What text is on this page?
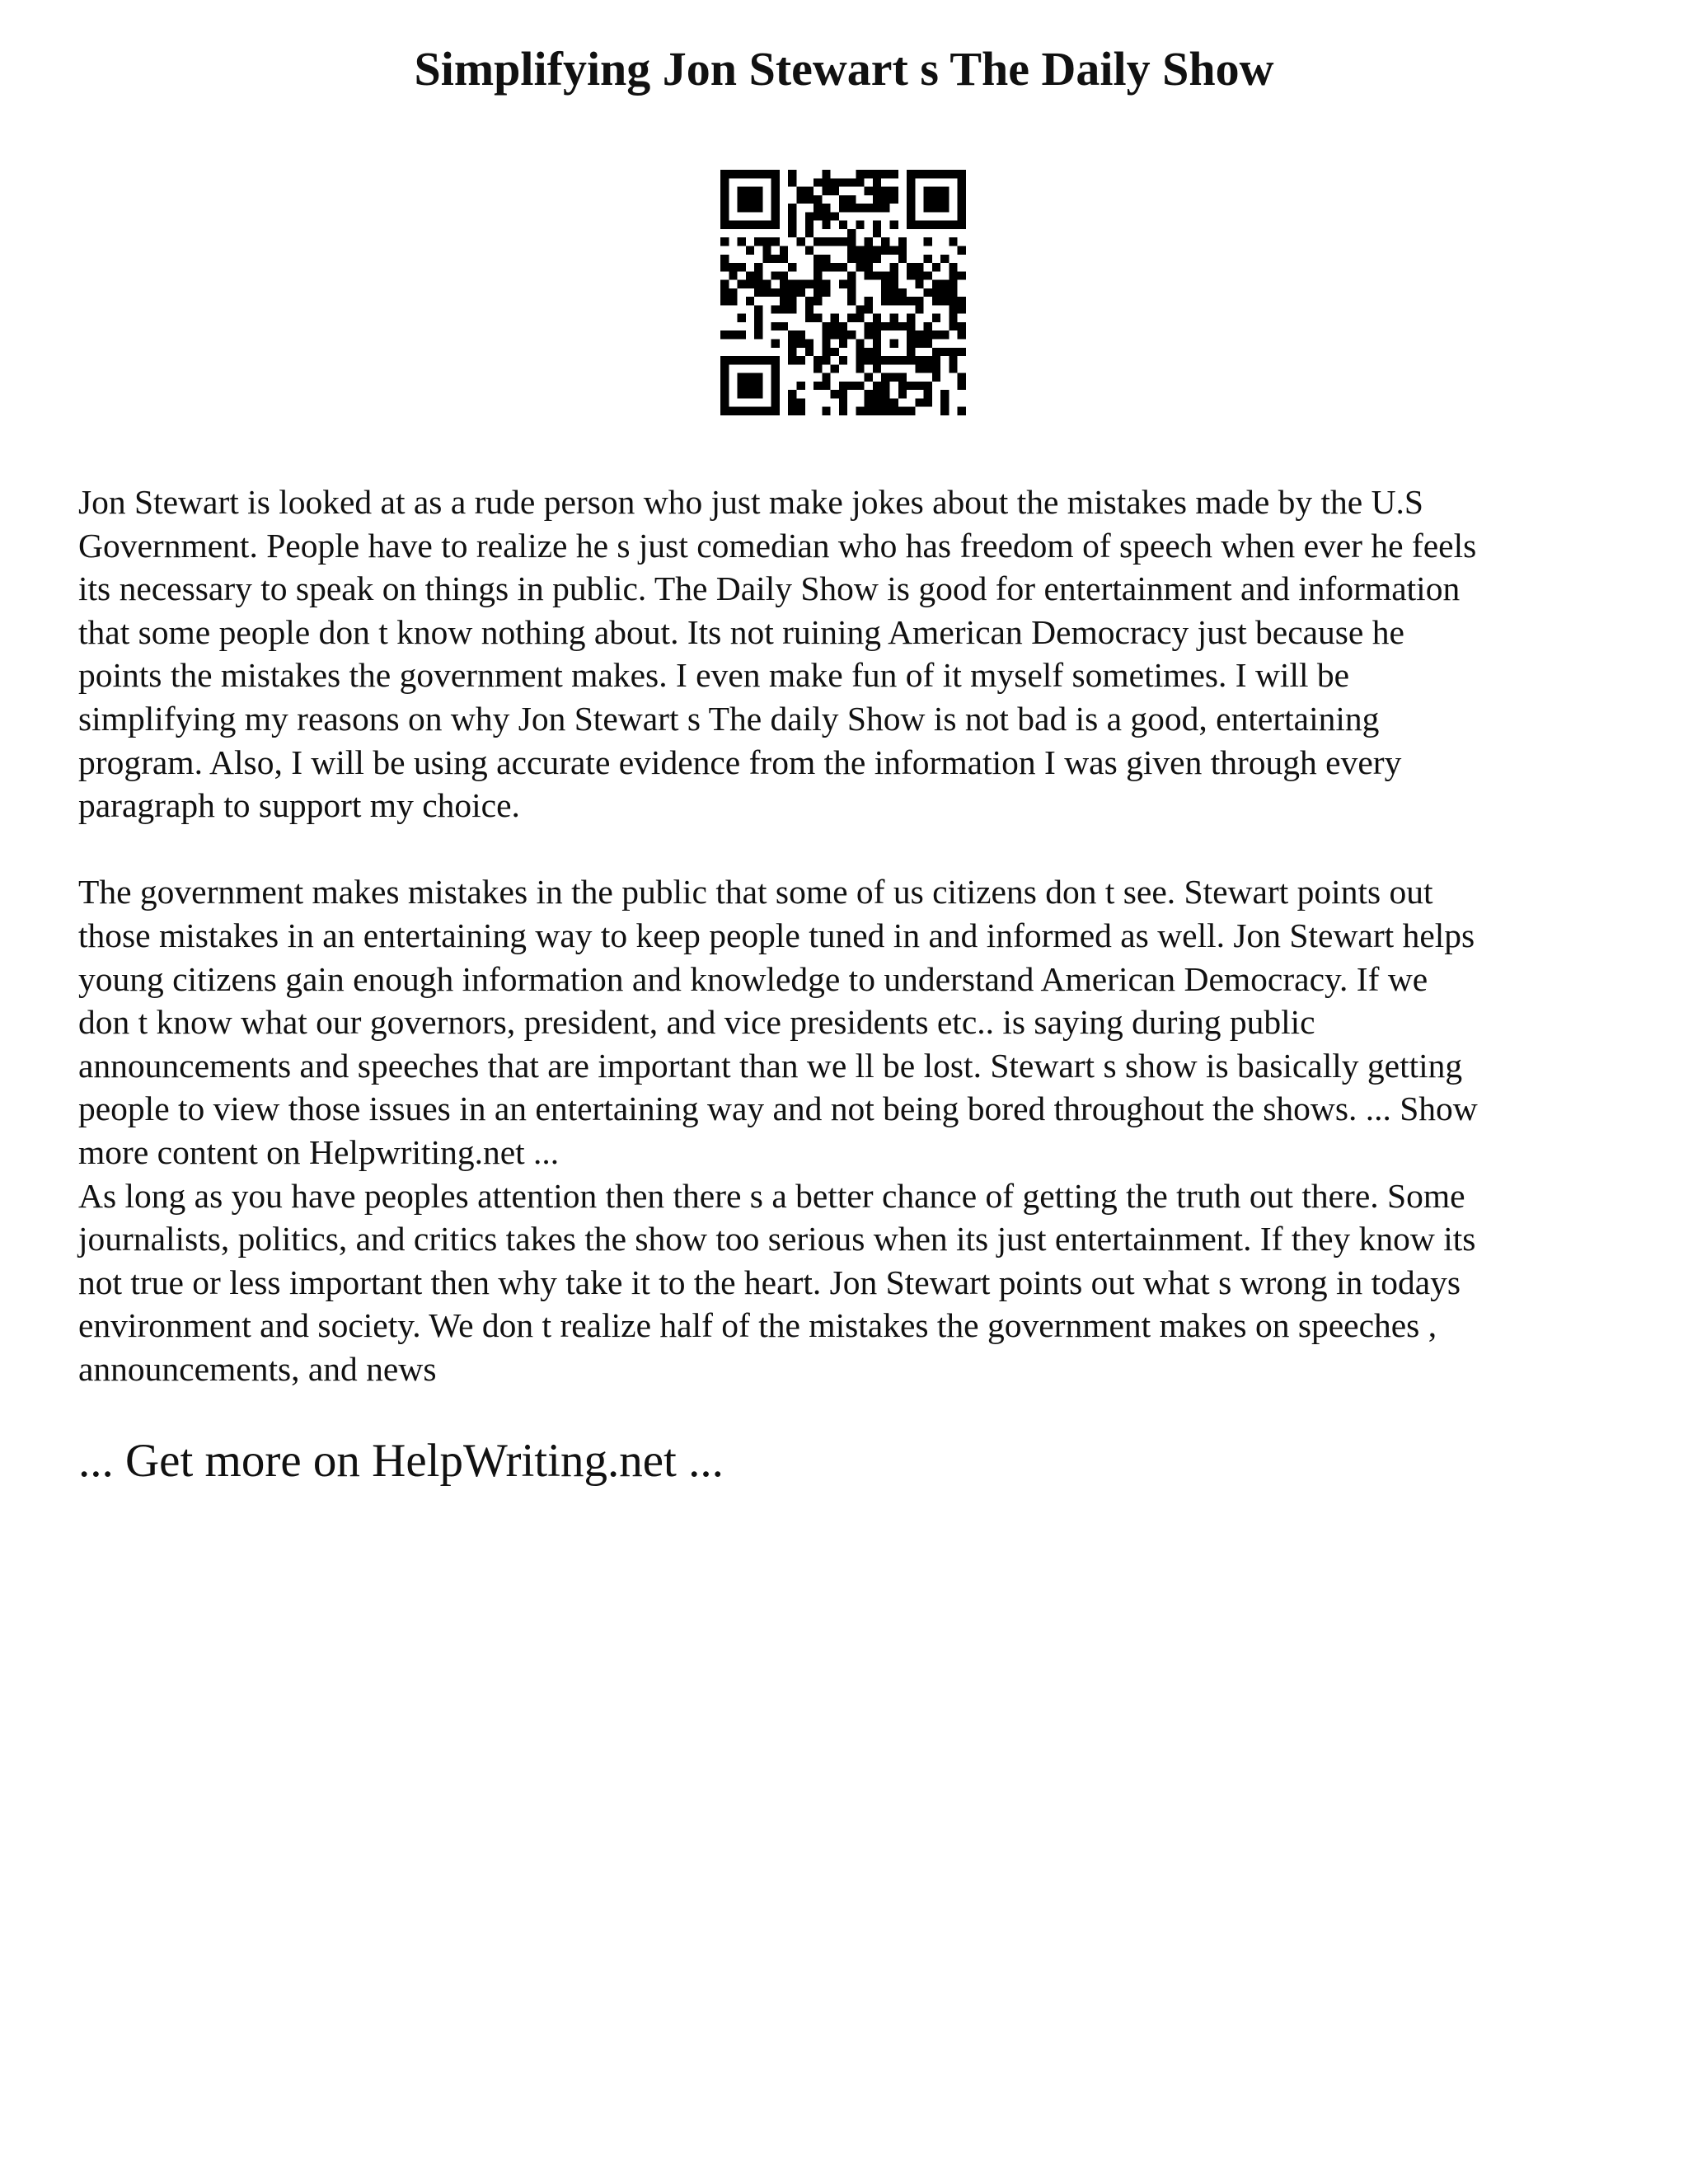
Simplifying Jon Stewart s The Daily Show

Jon Stewart is looked at as a rude person who just make jokes about the mistakes made by the U.S
Government. People have to realize he s just comedian who has freedom of speech when ever he feels
its necessary to speak on things in public. The Daily Show is good for entertainment and information
that some people don t know nothing about. Its not ruining American Democracy just because he
points the mistakes the government makes. I even make fun of it myself sometimes. I will be
simplifying my reasons on why Jon Stewart s The daily Show is not bad is a good, entertaining
program. Also, I will be using accurate evidence from the information I was given through every
paragraph to support my choice.

The government makes mistakes in the public that some of us citizens don t see. Stewart points out
those mistakes in an entertaining way to keep people tuned in and informed as well. Jon Stewart helps
young citizens gain enough information and knowledge to understand American Democracy. If we
don t know what our governors, president, and vice presidents etc.. is saying during public
announcements and speeches that are important than we ll be lost. Stewart s show is basically getting
people to view those issues in an entertaining way and not being bored throughout the shows. ... Show
more content on Helpwriting.net ...

As long as you have peoples attention then there s a better chance of getting the truth out there. Some
journalists, politics, and critics takes the show too serious when its just entertainment. If they know its
not true or less important then why take it to the heart. Jon Stewart points out what s wrong in todays
environment and society. We don t realize half of the mistakes the government makes on speeches ,
announcements, and news

... Get more on HelpWriting.net ...
